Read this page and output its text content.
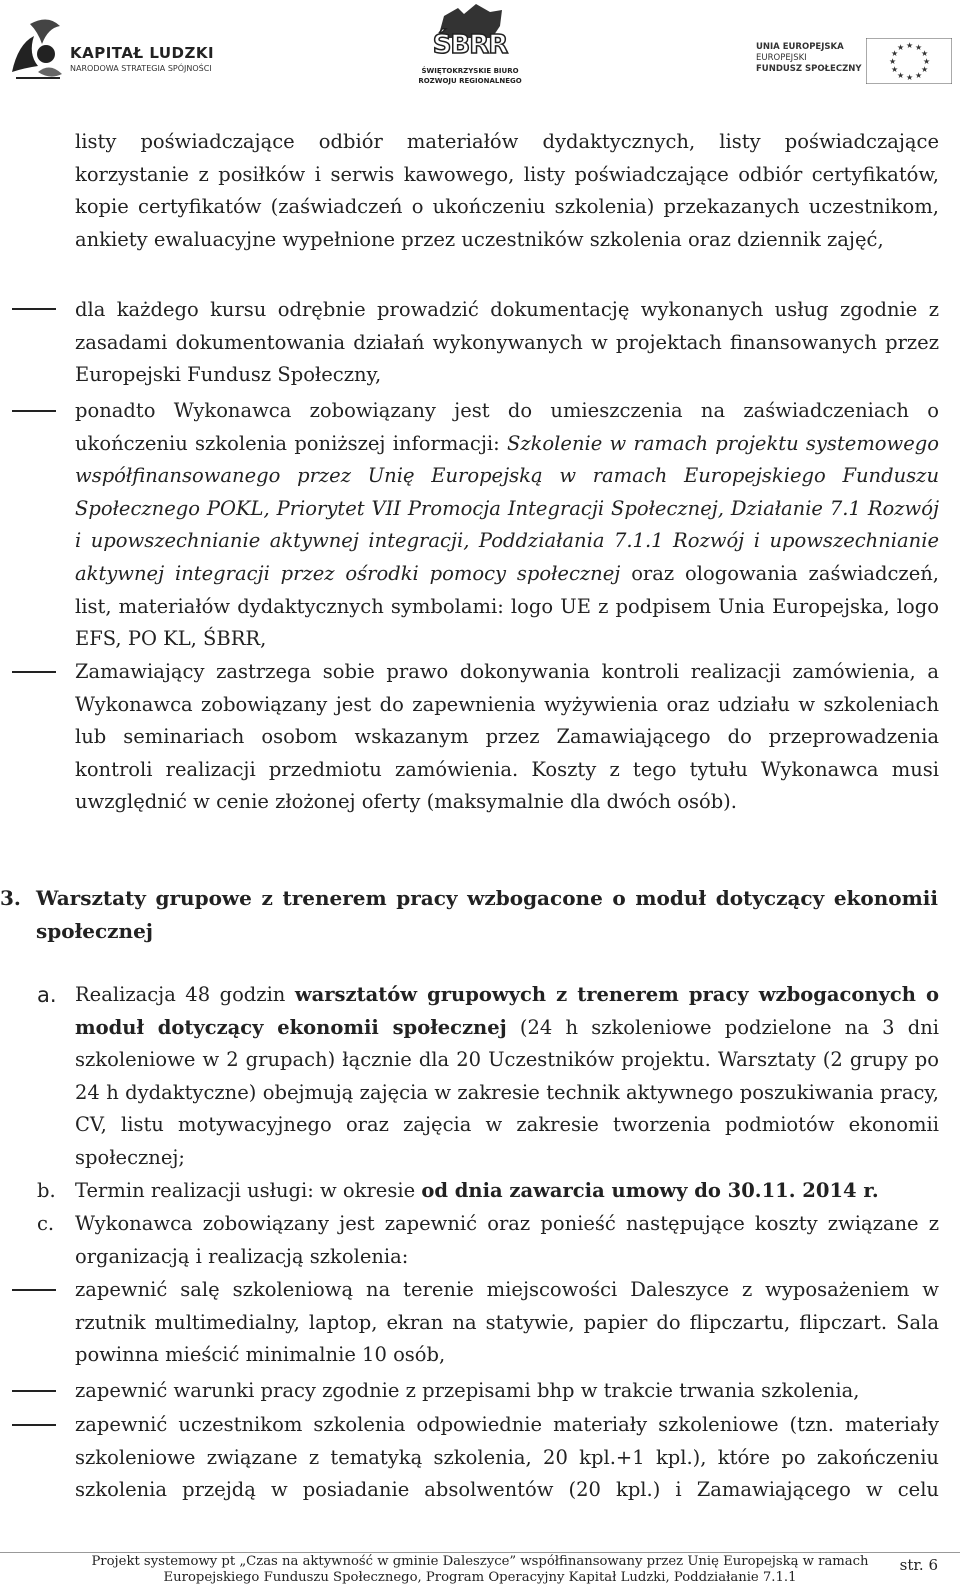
KAPITAŁ LUDZKI
NARODOWA STRATEGIA SPÓJNOŚCI
ŚBRR
ŚWIĘTOKRZYSKIE BIURO
ROZWOJU REGIONALNEGO
UNIA EUROPEJSKA
EUROPEJSKI
FUNDUSZ SPOŁECZNY
★ ★
★
★
★
★
★
★
★
★
★
★
listy poświadczające odbiór materiałów dydaktycznych, listy poświadczające korzystanie z posiłków i serwis kawowego, listy poświadczające odbiór certyfikatów, kopie certyfikatów (zaświadczeń o ukończeniu szkolenia) przekazanych uczestnikom, ankiety ewaluacyjne wypełnione przez uczestników szkolenia oraz dziennik zajęć,
dla każdego kursu odrębnie prowadzić dokumentację wykonanych usług zgodnie z zasadami dokumentowania działań wykonywanych w projektach finansowanych przez Europejski Fundusz Społeczny,
ponadto Wykonawca zobowiązany jest do umieszczenia na zaświadczeniach o ukończeniu szkolenia poniższej informacji: Szkolenie w ramach projektu systemowego współfinansowanego przez Unię Europejską w ramach Europejskiego Funduszu Społecznego POKL, Priorytet VII Promocja Integracji Społecznej, Działanie 7.1 Rozwój i upowszechnianie aktywnej integracji, Poddziałania 7.1.1 Rozwój i upowszechnianie aktywnej integracji przez ośrodki pomocy społecznej oraz ologowania zaświadczeń, list, materiałów dydaktycznych symbolami: logo UE z podpisem Unia Europejska, logo EFS, PO KL, ŚBRR,
Zamawiający zastrzega sobie prawo dokonywania kontroli realizacji zamówienia, a Wykonawca zobowiązany jest do zapewnienia wyżywienia oraz udziału w szkoleniach lub seminariach osobom wskazanym przez Zamawiającego do przeprowadzenia kontroli realizacji przedmiotu zamówienia. Koszty z tego tytułu Wykonawca musi uwzględnić w cenie złożonej oferty (maksymalnie dla dwóch osób).
3. Warsztaty grupowe z trenerem pracy wzbogacone o moduł dotyczący ekonomii społecznej
a. Realizacja 48 godzin warsztatów grupowych z trenerem pracy wzbogaconych o moduł dotyczący ekonomii społecznej (24 h szkoleniowe podzielone na 3 dni szkoleniowe w 2 grupach) łącznie dla 20 Uczestników projektu. Warsztaty (2 grupy po 24 h dydaktyczne) obejmują zajęcia w zakresie technik aktywnego poszukiwania pracy, CV, listu motywacyjnego oraz zajęcia w zakresie tworzenia podmiotów ekonomii społecznej;
b. Termin realizacji usługi: w okresie od dnia zawarcia umowy do 30.11. 2014 r.
c. Wykonawca zobowiązany jest zapewnić oraz ponieść następujące koszty związane z organizacją i realizacją szkolenia:
zapewnić salę szkoleniową na terenie miejscowości Daleszyce z wyposażeniem w rzutnik multimedialny, laptop, ekran na statywie, papier do flipczartu, flipczart. Sala powinna mieścić minimalnie 10 osób,
zapewnić warunki pracy zgodnie z przepisami bhp w trakcie trwania szkolenia,
zapewnić uczestnikom szkolenia odpowiednie materiały szkoleniowe (tzn. materiały szkoleniowe związane z tematyką szkolenia, 20 kpl.+1 kpl.), które po zakończeniu szkolenia przejdą w posiadanie absolwentów (20 kpl.) i Zamawiającego w celu
Projekt systemowy pt „Czas na aktywność w gminie Daleszyce” współfinansowany przez Unię Europejską w ramach
Europejskiego Funduszu Społecznego, Program Operacyjny Kapitał Ludzki, Poddziałanie 7.1.1
str. 6
